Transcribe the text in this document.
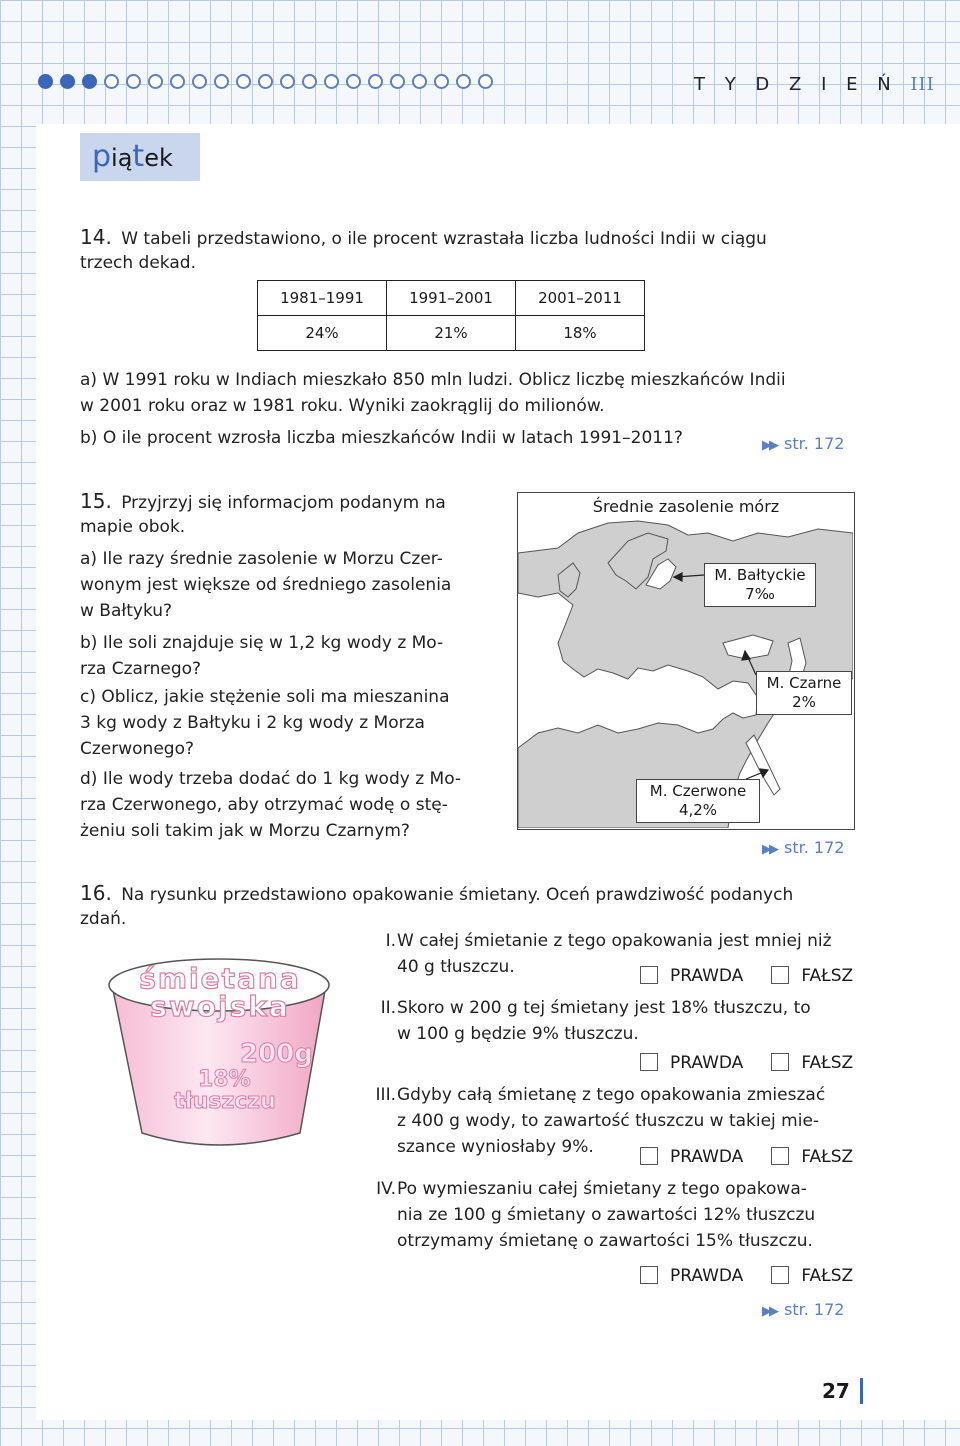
T Y D Z I E Ń III
piątek
14. W tabeli przedstawiono, o ile procent wzrastała liczba ludności Indii w ciągu
trzech dekad.
1981–1991	1991–2001	2001–2011
24%	21%	18%
a) W 1991 roku w Indiach mieszkało 850 mln ludzi. Oblicz liczbę mieszkańców Indii
w 2001 roku oraz w 1981 roku. Wyniki zaokrąglij do milionów.
b) O ile procent wzrosła liczba mieszkańców Indii w latach 1991–2011?	▶▶ str. 172
15. Przyjrzyj się informacjom podanym na
mapie obok.
a) Ile razy średnie zasolenie w Morzu Czer-
wonym jest większe od średniego zasolenia
w Bałtyku?
b) Ile soli znajduje się w 1,2 kg wody z Mo-
rza Czarnego?
c) Oblicz, jakie stężenie soli ma mieszanina
3 kg wody z Bałtyku i 2 kg wody z Morza
Czerwonego?
d) Ile wody trzeba dodać do 1 kg wody z Mo-
rza Czerwonego, aby otrzymać wodę o stę-
żeniu soli takim jak w Morzu Czarnym?
Średnie zasolenie mórz
M. Bałtyckie
7‰
M. Czarne
2%
M. Czerwone
4,2%
▶▶ str. 172
16. Na rysunku przedstawiono opakowanie śmietany. Oceń prawdziwość podanych
zdań.
śmietana
swojska
200g
18%
tłuszczu
I. W całej śmietanie z tego opakowania jest mniej niż
40 g tłuszczu.	PRAWDA	FAŁSZ
II. Skoro w 200 g tej śmietany jest 18% tłuszczu, to
w 100 g będzie 9% tłuszczu.
PRAWDA	FAŁSZ
III. Gdyby całą śmietanę z tego opakowania zmieszać
z 400 g wody, to zawartość tłuszczu w takiej mie-
szance wyniosłaby 9%.	PRAWDA	FAŁSZ
IV. Po wymieszaniu całej śmietany z tego opakowa-
nia ze 100 g śmietany o zawartości 12% tłuszczu
otrzymamy śmietanę o zawartości 15% tłuszczu.
PRAWDA	FAŁSZ
▶▶ str. 172
27
